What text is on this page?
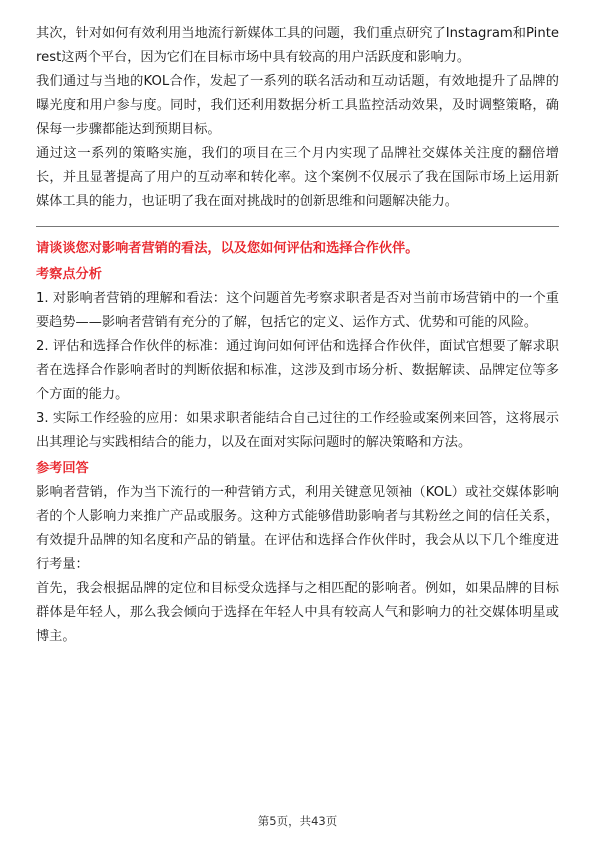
其次，针对如何有效利用当地流行新媒体工具的问题，我们重点研究了Instagram和Pinterest这两个平台，因为它们在目标市场中具有较高的用户活跃度和影响力。

我们通过与当地的KOL合作，发起了一系列的联名活动和互动话题，有效地提升了品牌的曝光度和用户参与度。同时，我们还利用数据分析工具监控活动效果，及时调整策略，确保每一步骤都能达到预期目标。

通过这一系列的策略实施，我们的项目在三个月内实现了品牌社交媒体关注度的翻倍增长，并且显著提高了用户的互动率和转化率。这个案例不仅展示了我在国际市场上运用新媒体工具的能力，也证明了我在面对挑战时的创新思维和问题解决能力。

请谈谈您对影响者营销的看法，以及您如何评估和选择合作伙伴。

考察点分析

1. 对影响者营销的理解和看法：这个问题首先考察求职者是否对当前市场营销中的一个重要趋势——影响者营销有充分的了解，包括它的定义、运作方式、优势和可能的风险。

2. 评估和选择合作伙伴的标准：通过询问如何评估和选择合作伙伴，面试官想要了解求职者在选择合作影响者时的判断依据和标准，这涉及到市场分析、数据解读、品牌定位等多个方面的能力。

3. 实际工作经验的应用：如果求职者能结合自己过往的工作经验或案例来回答，这将展示出其理论与实践相结合的能力，以及在面对实际问题时的解决策略和方法。

参考回答

影响者营销，作为当下流行的一种营销方式，利用关键意见领袖（KOL）或社交媒体影响者的个人影响力来推广产品或服务。这种方式能够借助影响者与其粉丝之间的信任关系，有效提升品牌的知名度和产品的销量。在评估和选择合作伙伴时，我会从以下几个维度进行考量：

首先，我会根据品牌的定位和目标受众选择与之相匹配的影响者。例如，如果品牌的目标群体是年轻人，那么我会倾向于选择在年轻人中具有较高人气和影响力的社交媒体明星或博主。

第5页，共43页
